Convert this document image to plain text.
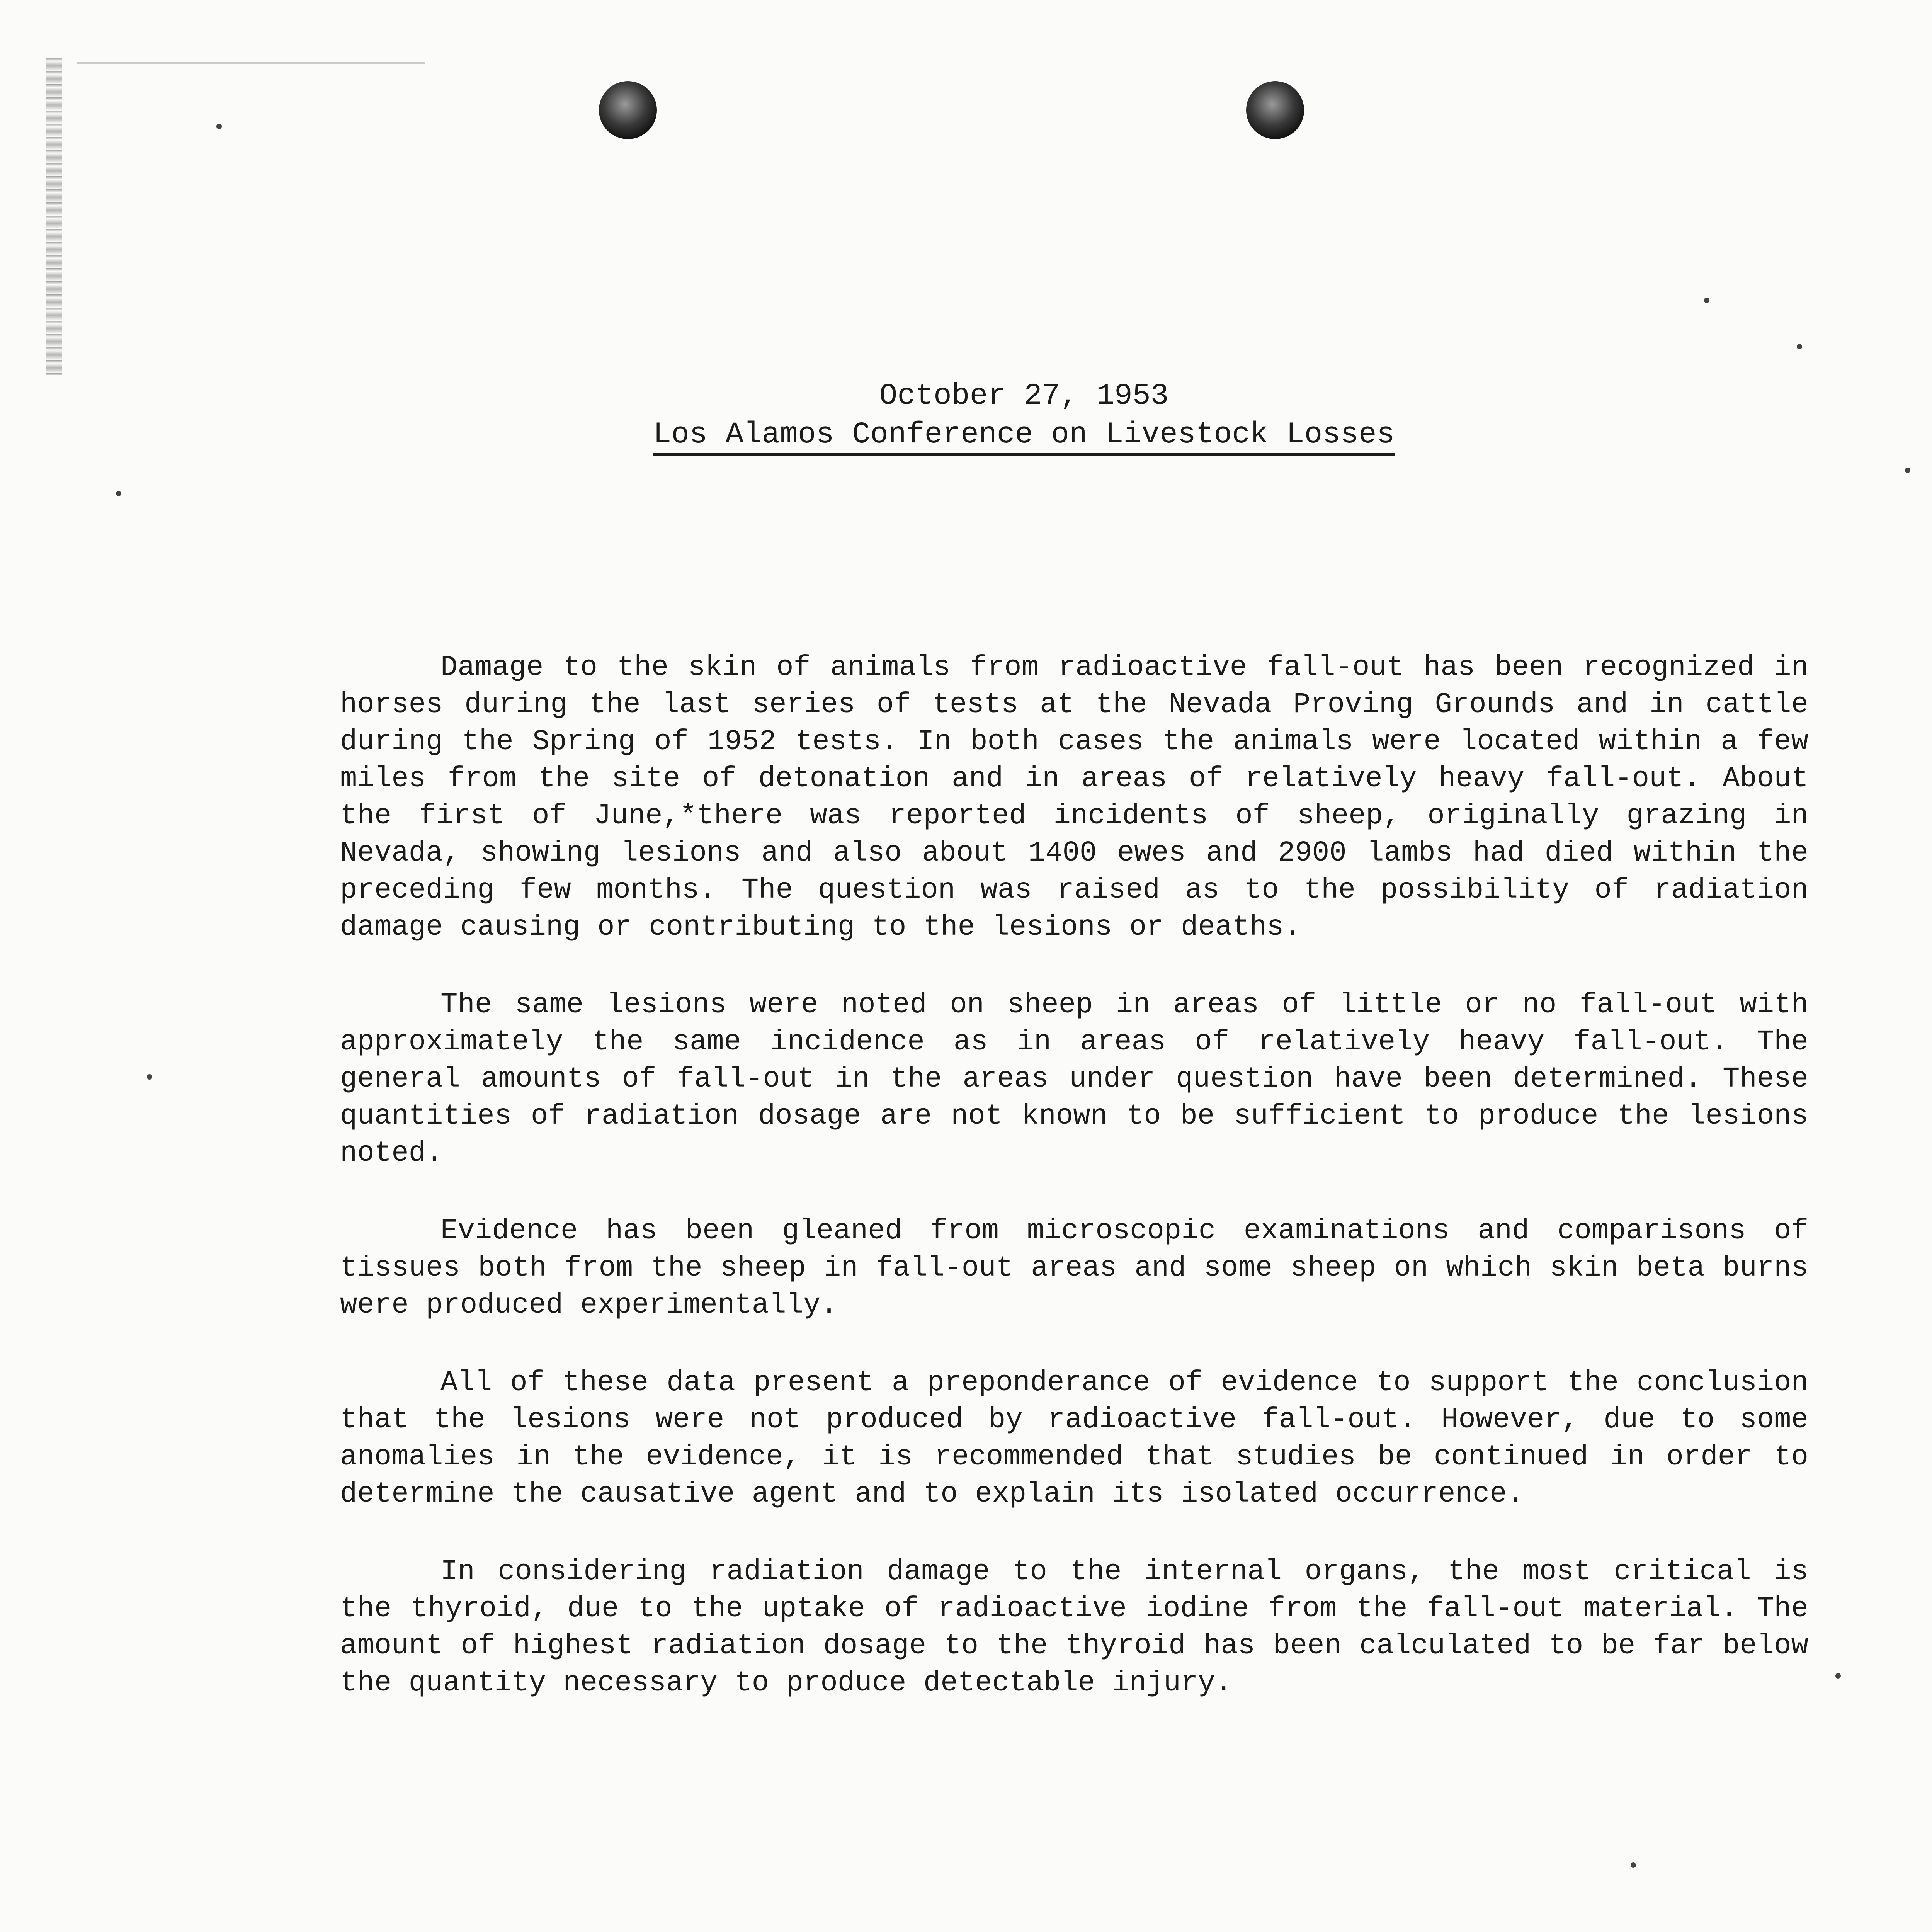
October 27, 1953
Los Alamos Conference on Livestock Losses

Damage to the skin of animals from radioactive fall-out has been recognized in horses during the last series of tests at the Nevada Proving Grounds and in cattle during the Spring of 1952 tests. In both cases the animals were located within a few miles from the site of detonation and in areas of relatively heavy fall-out. About the first of June,*there was reported incidents of sheep, originally grazing in Nevada, showing lesions and also about 1400 ewes and 2900 lambs had died within the preceding few months. The question was raised as to the possibility of radiation damage causing or contributing to the lesions or deaths.

The same lesions were noted on sheep in areas of little or no fall-out with approximately the same incidence as in areas of relatively heavy fall-out. The general amounts of fall-out in the areas under question have been determined. These quantities of radiation dosage are not known to be sufficient to produce the lesions noted.

Evidence has been gleaned from microscopic examinations and comparisons of tissues both from the sheep in fall-out areas and some sheep on which skin beta burns were produced experimentally.

All of these data present a preponderance of evidence to support the conclusion that the lesions were not produced by radioactive fall-out. However, due to some anomalies in the evidence, it is recommended that studies be continued in order to determine the causative agent and to explain its isolated occurrence.

In considering radiation damage to the internal organs, the most critical is the thyroid, due to the uptake of radioactive iodine from the fall-out material. The amount of highest radiation dosage to the thyroid has been calculated to be far below the quantity necessary to produce detectable injury.
